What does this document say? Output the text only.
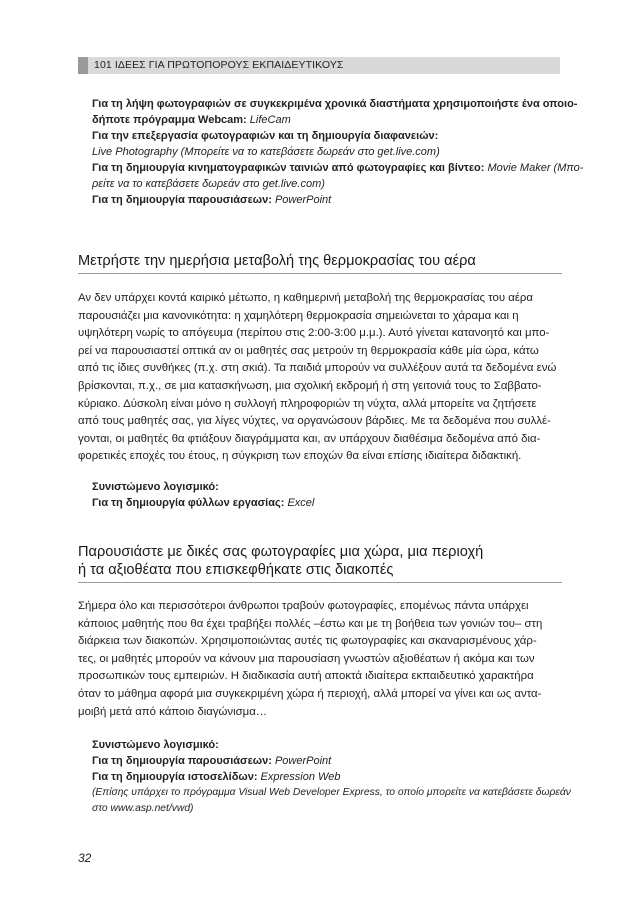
101 ΙΔΕΕΣ ΓΙΑ ΠΡΩΤΟΠΟΡΟΥΣ ΕΚΠΑΙΔΕΥΤΙΚΟΥΣ
Για τη λήψη φωτογραφιών σε συγκεκριμένα χρονικά διαστήματα χρησιμοποιήστε ένα οποιο-
δήποτε πρόγραμμα Webcam: LifeCam
Για την επεξεργασία φωτογραφιών και τη δημιουργία διαφανειών:
Live Photography (Μπορείτε να το κατεβάσετε δωρεάν στο get.live.com)
Για τη δημιουργία κινηματογραφικών ταινιών από φωτογραφίες και βίντεο: Movie Maker (Μπο-
ρείτε να το κατεβάσετε δωρεάν στο get.live.com)
Για τη δημιουργία παρουσιάσεων: PowerPoint
Μετρήστε την ημερήσια μεταβολή της θερμοκρασίας του αέρα
Αν δεν υπάρχει κοντά καιρικό μέτωπο, η καθημερινή μεταβολή της θερμοκρασίας του αέρα
παρουσιάζει μια κανονικότητα: η χαμηλότερη θερμοκρασία σημειώνεται το χάραμα και η
υψηλότερη νωρίς το απόγευμα (περίπου στις 2:00-3:00 μ.μ.). Αυτό γίνεται κατανοητό και μπο-
ρεί να παρουσιαστεί οπτικά αν οι μαθητές σας μετρούν τη θερμοκρασία κάθε μία ώρα, κάτω
από τις ίδιες συνθήκες (π.χ. στη σκιά). Τα παιδιά μπορούν να συλλέξουν αυτά τα δεδομένα ενώ
βρίσκονται, π.χ., σε μια κατασκήνωση, μια σχολική εκδρομή ή στη γειτονιά τους το Σαββατο-
κύριακο. Δύσκολη είναι μόνο η συλλογή πληροφοριών τη νύχτα, αλλά μπορείτε να ζητήσετε
από τους μαθητές σας, για λίγες νύχτες, να οργανώσουν βάρδιες. Με τα δεδομένα που συλλέ-
γονται, οι μαθητές θα φτιάξουν διαγράμματα και, αν υπάρχουν διαθέσιμα δεδομένα από δια-
φορετικές εποχές του έτους, η σύγκριση των εποχών θα είναι επίσης ιδιαίτερα διδακτική.
Συνιστώμενο λογισμικό:
Για τη δημιουργία φύλλων εργασίας: Excel
Παρουσιάστε με δικές σας φωτογραφίες μια χώρα, μια περιοχή
ή τα αξιοθέατα που επισκεφθήκατε στις διακοπές
Σήμερα όλο και περισσότεροι άνθρωποι τραβούν φωτογραφίες, επομένως πάντα υπάρχει
κάποιος μαθητής που θα έχει τραβήξει πολλές –έστω και με τη βοήθεια των γονιών του– στη
διάρκεια των διακοπών. Χρησιμοποιώντας αυτές τις φωτογραφίες και σκαναρισμένους χάρ-
τες, οι μαθητές μπορούν να κάνουν μια παρουσίαση γνωστών αξιοθέατων ή ακόμα και των
προσωπικών τους εμπειριών. Η διαδικασία αυτή αποκτά ιδιαίτερα εκπαιδευτικό χαρακτήρα
όταν το μάθημα αφορά μια συγκεκριμένη χώρα ή περιοχή, αλλά μπορεί να γίνει και ως αντα-
μοιβή μετά από κάποιο διαγώνισμα…
Συνιστώμενο λογισμικό:
Για τη δημιουργία παρουσιάσεων: PowerPoint
Για τη δημιουργία ιστοσελίδων: Expression Web
(Επίσης υπάρχει το πρόγραμμα Visual Web Developer Express, το οποίο μπορείτε να κατεβάσετε δωρεάν
στο www.asp.net/vwd)
32
